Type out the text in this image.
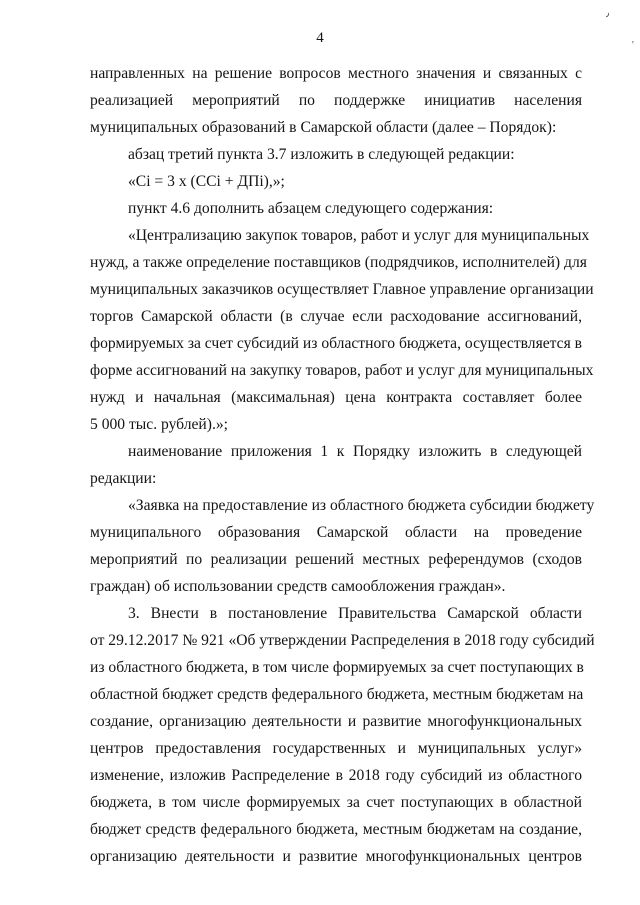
4
٫
'
направленных на решение вопросов местного значения и связанных с
реализацией мероприятий по поддержке инициатив населения
муниципальных образований в Самарской области (далее – Порядок):
абзац третий пункта 3.7 изложить в следующей редакции:
«Ci = 3 x (CCi + ДПi),»;
пункт 4.6 дополнить абзацем следующего содержания:
«Централизацию закупок товаров, работ и услуг для муниципальных
нужд, а также определение поставщиков (подрядчиков, исполнителей) для
муниципальных заказчиков осуществляет Главное управление организации
торгов Самарской области (в случае если расходование ассигнований,
формируемых за счет субсидий из областного бюджета, осуществляется в
форме ассигнований на закупку товаров, работ и услуг для муниципальных
нужд и начальная (максимальная) цена контракта составляет более
5 000 тыс. рублей).»;
наименование приложения 1 к Порядку изложить в следующей
редакции:
«Заявка на предоставление из областного бюджета субсидии бюджету
муниципального образования Самарской области на проведение
мероприятий по реализации решений местных референдумов (сходов
граждан) об использовании средств самообложения граждан».
3. Внести в постановление Правительства Самарской области
от 29.12.2017 № 921 «Об утверждении Распределения в 2018 году субсидий
из областного бюджета, в том числе формируемых за счет поступающих в
областной бюджет средств федерального бюджета, местным бюджетам на
создание, организацию деятельности и развитие многофункциональных
центров предоставления государственных и муниципальных услуг»
изменение, изложив Распределение в 2018 году субсидий из областного
бюджета, в том числе формируемых за счет поступающих в областной
бюджет средств федерального бюджета, местным бюджетам на создание,
организацию деятельности и развитие многофункциональных центров
